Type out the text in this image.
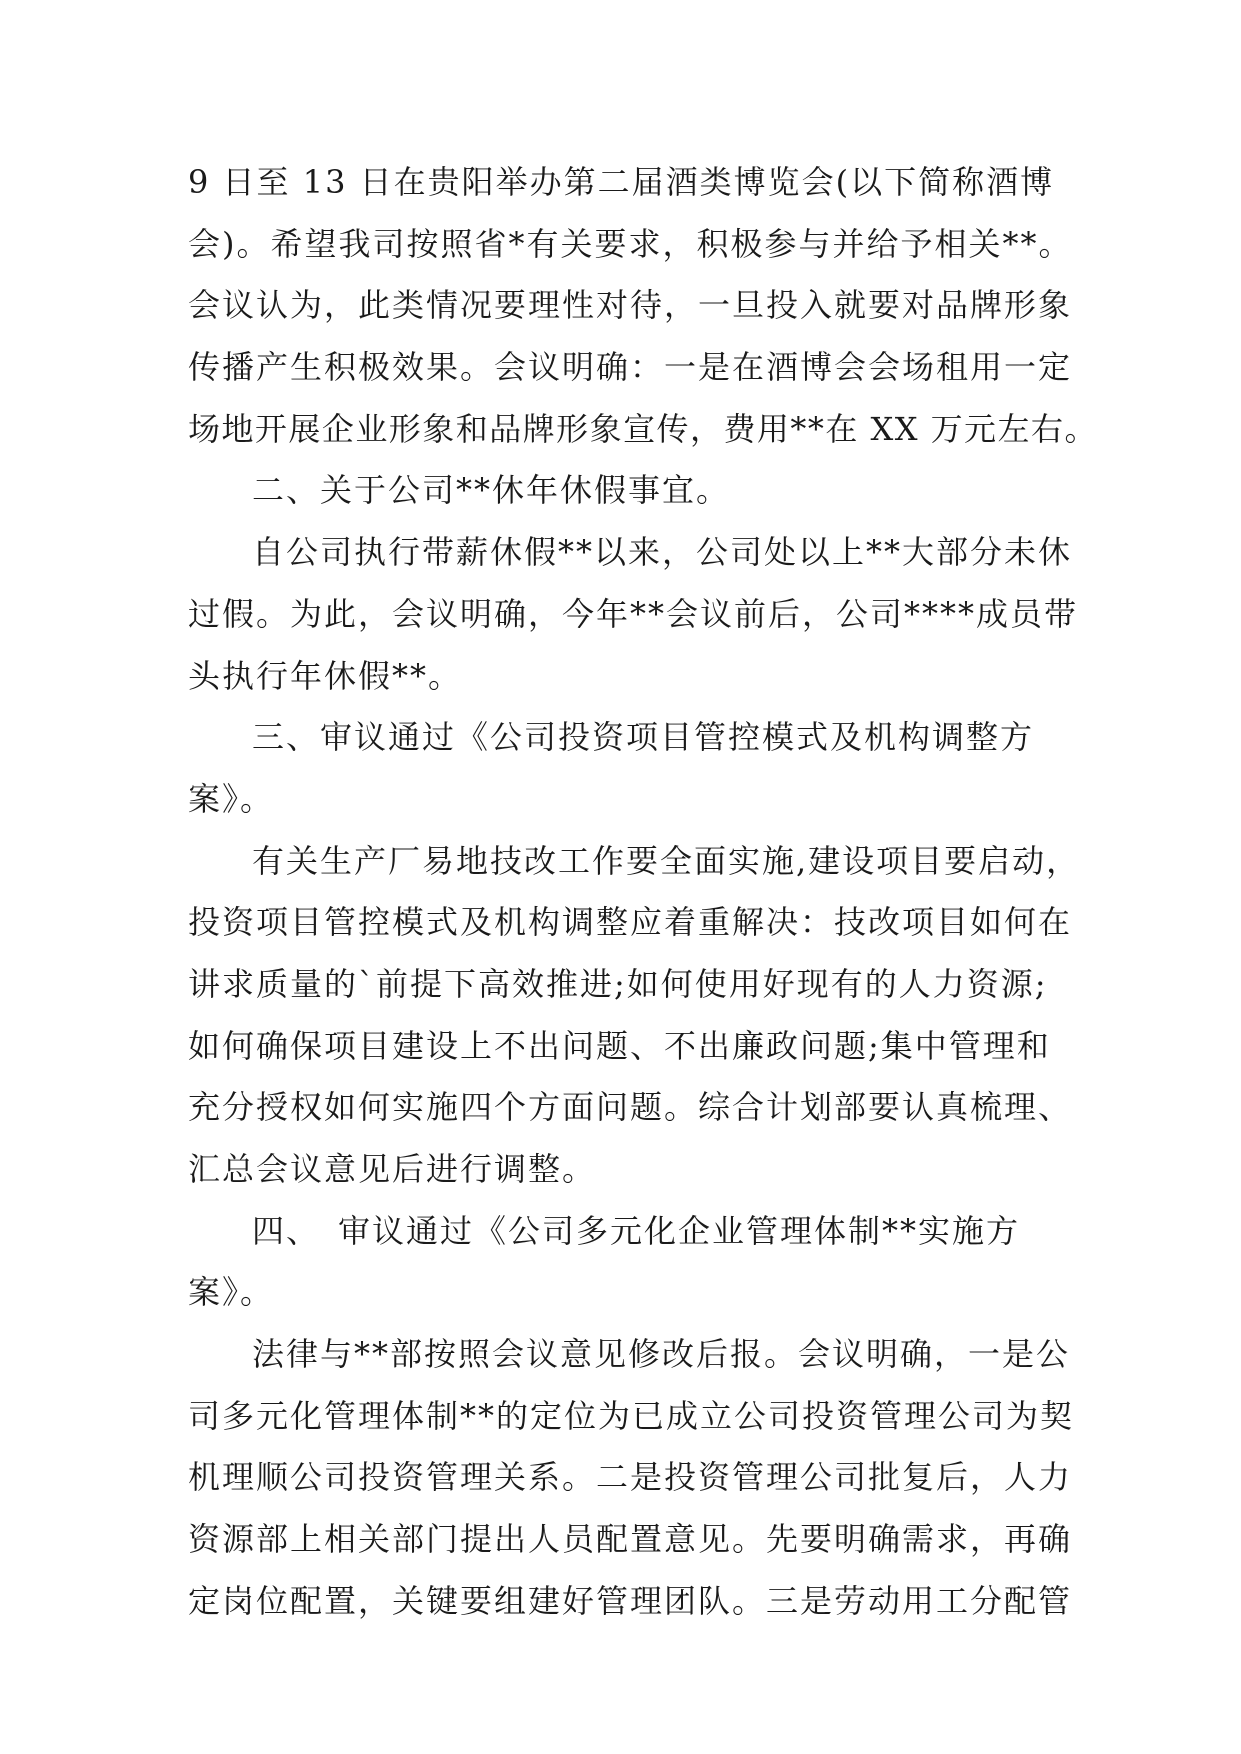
9 日至 13 日在贵阳举办第二届酒类博览会(以下简称酒博
会)。希望我司按照省*有关要求，积极参与并给予相关**。
会议认为，此类情况要理性对待，一旦投入就要对品牌形象
传播产生积极效果。会议明确：一是在酒博会会场租用一定
场地开展企业形象和品牌形象宣传，费用**在 XX 万元左右。
二、关于公司**休年休假事宜。
自公司执行带薪休假**以来，公司处以上**大部分未休
过假。为此，会议明确，今年**会议前后，公司****成员带
头执行年休假**。
三、审议通过《公司投资项目管控模式及机构调整方
案》。
有关生产厂易地技改工作要全面实施,建设项目要启动，
投资项目管控模式及机构调整应着重解决：技改项目如何在
讲求质量的`前提下高效推进;如何使用好现有的人力资源;
如何确保项目建设上不出问题、不出廉政问题;集中管理和
充分授权如何实施四个方面问题。综合计划部要认真梳理、
汇总会议意见后进行调整。
四、　审议通过《公司多元化企业管理体制**实施方
案》。
法律与**部按照会议意见修改后报。会议明确，一是公
司多元化管理体制**的定位为已成立公司投资管理公司为契
机理顺公司投资管理关系。二是投资管理公司批复后，人力
资源部上相关部门提出人员配置意见。先要明确需求，再确
定岗位配置，关键要组建好管理团队。三是劳动用工分配管
